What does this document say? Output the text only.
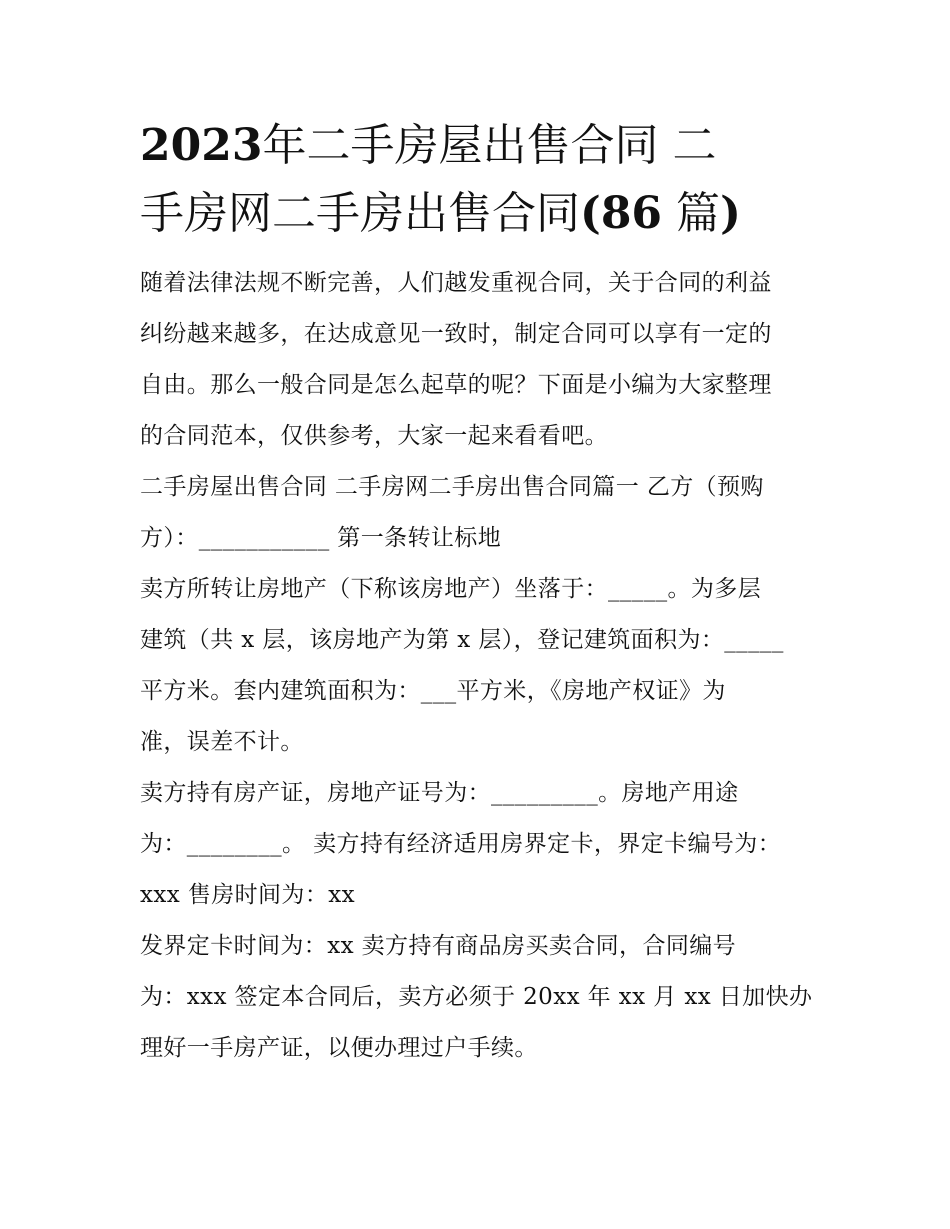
2023年二手房屋出售合同 二
手房网二手房出售合同(86 篇)
随着法律法规不断完善，人们越发重视合同，关于合同的利益
纠纷越来越多，在达成意见一致时，制定合同可以享有一定的
自由。那么一般合同是怎么起草的呢？下面是小编为大家整理
的合同范本，仅供参考，大家一起来看看吧。
二手房屋出售合同 二手房网二手房出售合同篇一 乙方（预购
方）：___________ 第一条转让标地
卖方所转让房地产（下称该房地产）坐落于：_____。为多层
建筑（共 x 层，该房地产为第 x 层），登记建筑面积为：_____
平方米。套内建筑面积为：___平方米，《房地产权证》为
准，误差不计。
卖方持有房产证，房地产证号为：_________。房地产用途
为：________。 卖方持有经济适用房界定卡，界定卡编号为：
xxx 售房时间为：xx
发界定卡时间为：xx 卖方持有商品房买卖合同，合同编号
为：xxx 签定本合同后，卖方必须于 20xx 年 xx 月 xx 日加快办
理好一手房产证，以便办理过户手续。
